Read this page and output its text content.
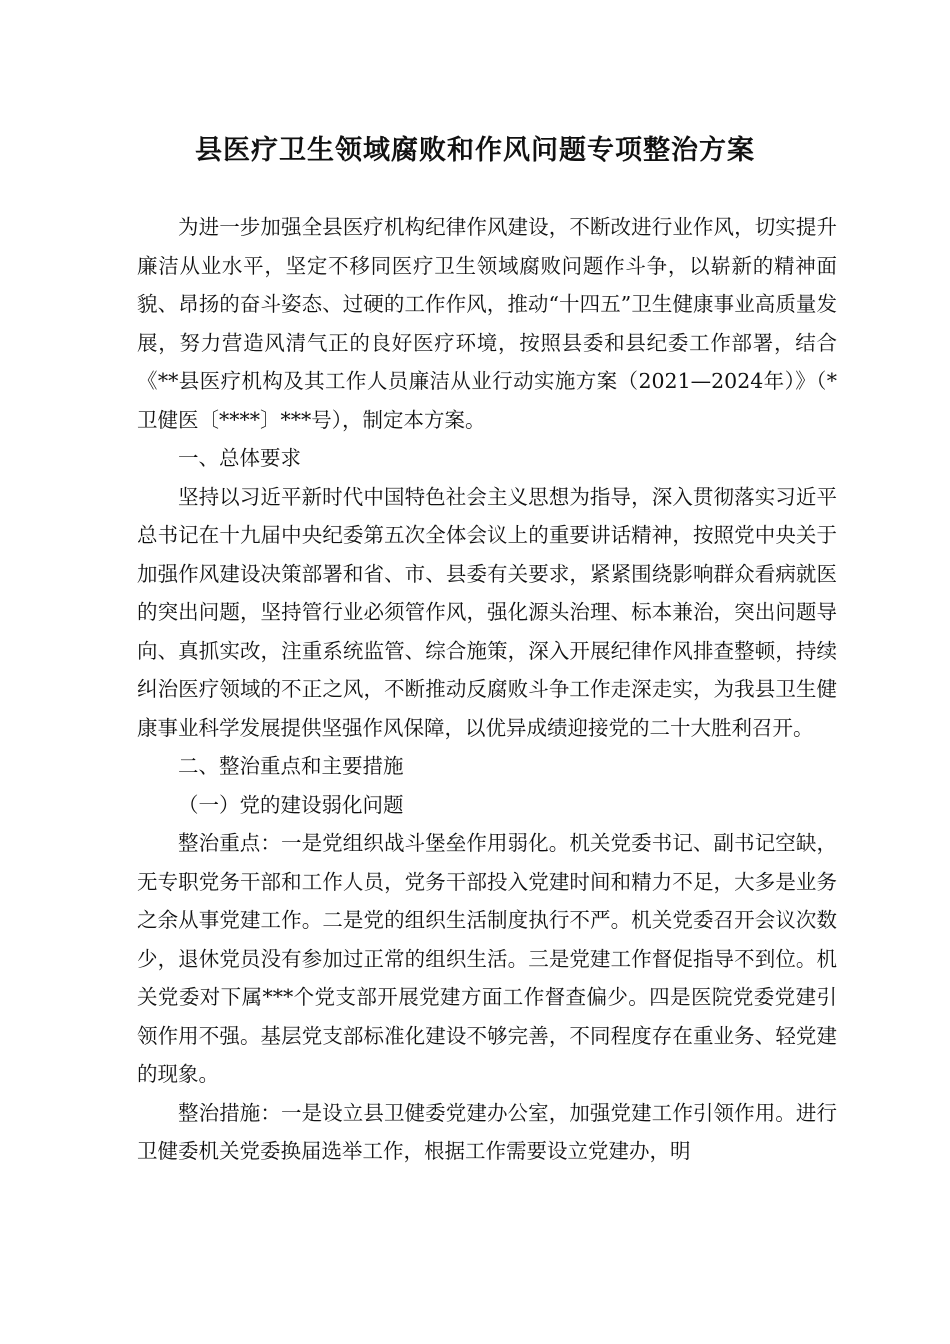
县医疗卫生领域腐败和作风问题专项整治方案

为进一步加强全县医疗机构纪律作风建设，不断改进行业作风，切实提升廉洁从业水平，坚定不移同医疗卫生领域腐败问题作斗争，以崭新的精神面貌、昂扬的奋斗姿态、过硬的工作作风，推动“十四五”卫生健康事业高质量发展，努力营造风清气正的良好医疗环境，按照县委和县纪委工作部署，结合《**县医疗机构及其工作人员廉洁从业行动实施方案（2021—2024年）》（*卫健医〔****〕***号），制定本方案。

一、总体要求

坚持以习近平新时代中国特色社会主义思想为指导，深入贯彻落实习近平总书记在十九届中央纪委第五次全体会议上的重要讲话精神，按照党中央关于加强作风建设决策部署和省、市、县委有关要求，紧紧围绕影响群众看病就医的突出问题，坚持管行业必须管作风，强化源头治理、标本兼治，突出问题导向、真抓实改，注重系统监管、综合施策，深入开展纪律作风排查整顿，持续纠治医疗领域的不正之风，不断推动反腐败斗争工作走深走实，为我县卫生健康事业科学发展提供坚强作风保障，以优异成绩迎接党的二十大胜利召开。

二、整治重点和主要措施

（一）党的建设弱化问题

整治重点：一是党组织战斗堡垒作用弱化。机关党委书记、副书记空缺，无专职党务干部和工作人员，党务干部投入党建时间和精力不足，大多是业务之余从事党建工作。二是党的组织生活制度执行不严。机关党委召开会议次数少，退休党员没有参加过正常的组织生活。三是党建工作督促指导不到位。机关党委对下属***个党支部开展党建方面工作督查偏少。四是医院党委党建引领作用不强。基层党支部标准化建设不够完善，不同程度存在重业务、轻党建的现象。

整治措施：一是设立县卫健委党建办公室，加强党建工作引领作用。进行卫健委机关党委换届选举工作，根据工作需要设立党建办，明
